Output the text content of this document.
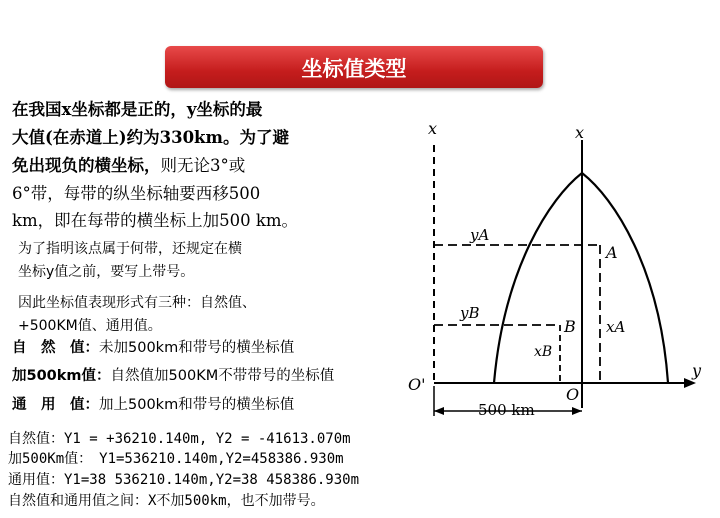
坐标值类型
在我国x坐标都是正的，y坐标的最
大值(在赤道上)约为330km。为了避
免出现负的横坐标，则无论3°或
6°带，每带的纵坐标轴要西移500
km，即在每带的横坐标上加500 km。
为了指明该点属于何带，还规定在横
坐标y值之前，要写上带号。
因此坐标值表现形式有三种：自然值、
+500KM值、通用值。
自　然　值：未加500km和带号的横坐标值
加500km值：自然值加500KM不带带号的坐标值
通　用　值：加上500km和带号的横坐标值
自然值：Y1 = +36210.140m, Y2 = -41613.070m
加500Km值：　Y1=536210.140m,Y2=458386.930m
通用值：Y1=38 536210.140m,Y2=38 458386.930m
自然值和通用值之间：X不加500km，也不加带号。
x	x
yA
yB
A
B xA
xB
O'
O
y
500 km
